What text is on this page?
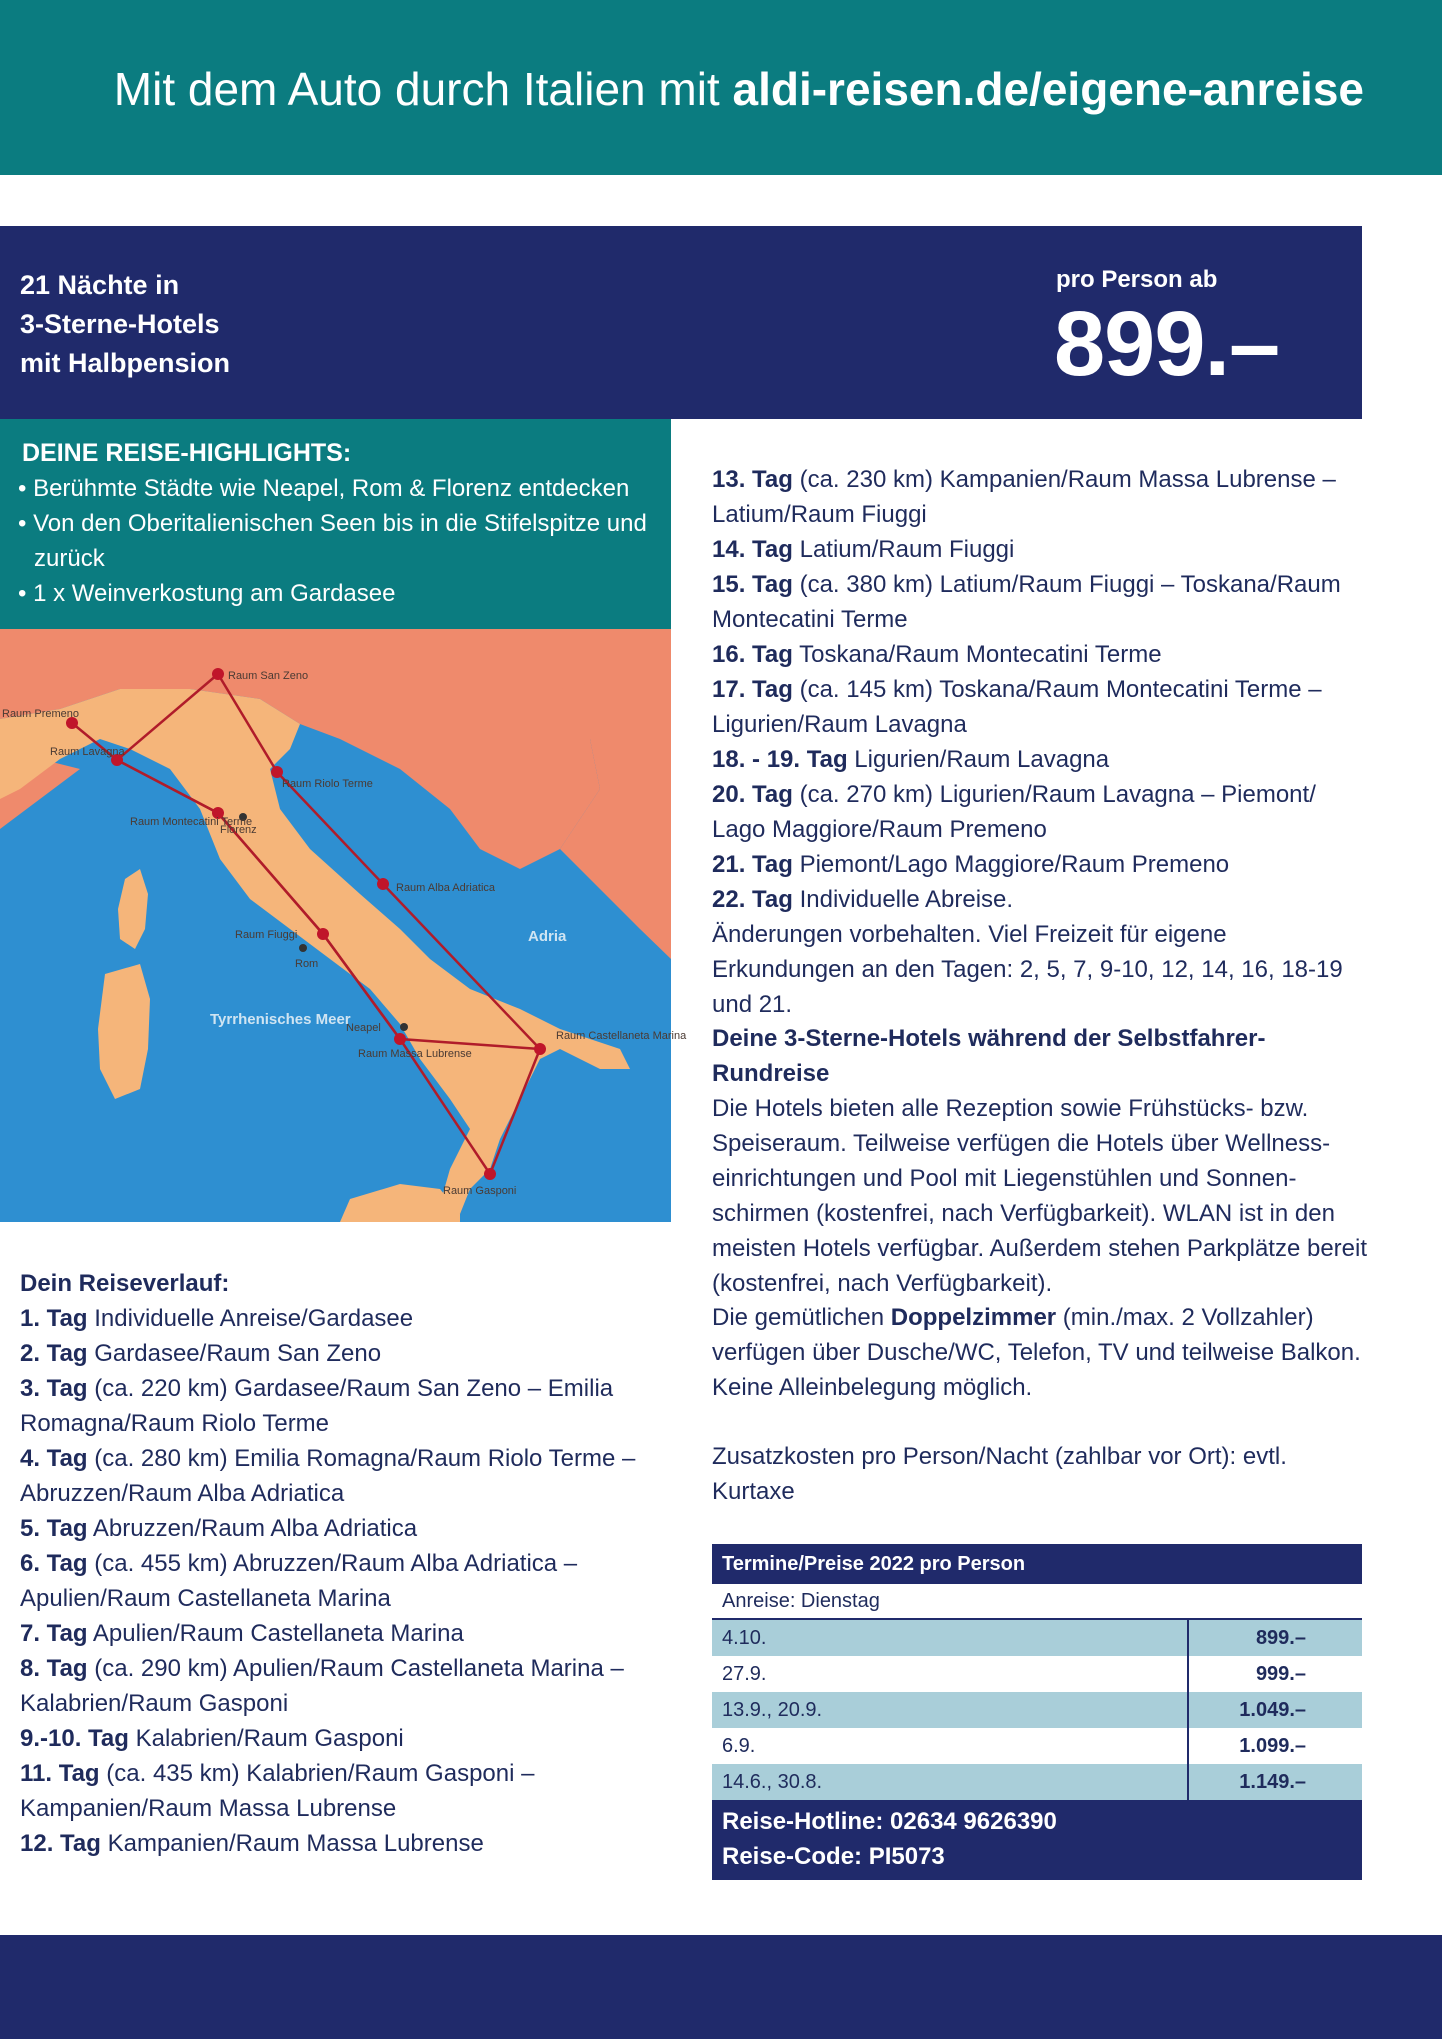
Mit dem Auto durch Italien mit aldi-reisen.de/eigene-anreise
21 Nächte in
3-Sterne-Hotels
mit Halbpension
pro Person ab
899.–
DEINE REISE-HIGHLIGHTS:
• Berühmte Städte wie Neapel, Rom & Florenz entdecken
• Von den Oberitalienischen Seen bis in die Stifelspitze und zurück
• 1 x Weinverkostung am Gardasee
Raum San Zeno
Raum Premeno
Raum Lavagna
Raum Riolo Terme
Florenz
Raum Montecatini Terme
Raum Alba Adriatica
Raum Fiuggi
Rom
Neapel
Raum Massa Lubrense
Raum Castellaneta Marina
Raum Gasponi
Adria
Tyrrhenisches Meer
Dein Reiseverlauf:
1. Tag Individuelle Anreise/Gardasee
2. Tag Gardasee/Raum San Zeno
3. Tag (ca. 220 km) Gardasee/Raum San Zeno – Emilia Romagna/Raum Riolo Terme
4. Tag (ca. 280 km) Emilia Romagna/Raum Riolo Terme – Abruzzen/Raum Alba Adriatica
5. Tag Abruzzen/Raum Alba Adriatica
6. Tag (ca. 455 km) Abruzzen/Raum Alba Adriatica – Apulien/Raum Castellaneta Marina
7. Tag Apulien/Raum Castellaneta Marina
8. Tag (ca. 290 km) Apulien/Raum Castellaneta Marina – Kalabrien/Raum Gasponi
9.-10. Tag Kalabrien/Raum Gasponi
11. Tag (ca. 435 km) Kalabrien/Raum Gasponi – Kampanien/Raum Massa Lubrense
12. Tag Kampanien/Raum Massa Lubrense
13. Tag (ca. 230 km) Kampanien/Raum Massa Lubrense – Latium/Raum Fiuggi
14. Tag Latium/Raum Fiuggi
15. Tag (ca. 380 km) Latium/Raum Fiuggi – Toskana/Raum Montecatini Terme
16. Tag Toskana/Raum Montecatini Terme
17. Tag (ca. 145 km) Toskana/Raum Montecatini Terme – Ligurien/Raum Lavagna
18. - 19. Tag Ligurien/Raum Lavagna
20. Tag (ca. 270 km) Ligurien/Raum Lavagna – Piemont/ Lago Maggiore/Raum Premeno
21. Tag Piemont/Lago Maggiore/Raum Premeno
22. Tag Individuelle Abreise.
Änderungen vorbehalten. Viel Freizeit für eigene Erkundungen an den Tagen: 2, 5, 7, 9-10, 12, 14, 16, 18-19 und 21.
Deine 3-Sterne-Hotels während der Selbstfahrer-Rundreise
Die Hotels bieten alle Rezeption sowie Frühstücks- bzw. Speiseraum. Teilweise verfügen die Hotels über Wellnesseinrichtungen und Pool mit Liegenstühlen und Sonnenschirmen (kostenfrei, nach Verfügbarkeit). WLAN ist in den meisten Hotels verfügbar. Außerdem stehen Parkplätze bereit (kostenfrei, nach Verfügbarkeit).
Die gemütlichen Doppelzimmer (min./max. 2 Vollzahler) verfügen über Dusche/WC, Telefon, TV und teilweise Balkon. Keine Alleinbelegung möglich.
Zusatzkosten pro Person/Nacht (zahlbar vor Ort): evtl. Kurtaxe
Termine/Preise 2022 pro Person
Anreise: Dienstag
4.10.	899.–
27.9.	999.–
13.9., 20.9.	1.049.–
6.9.	1.099.–
14.6., 30.8.	1.149.–
Reise-Hotline: 02634 9626390
Reise-Code: PI5073
